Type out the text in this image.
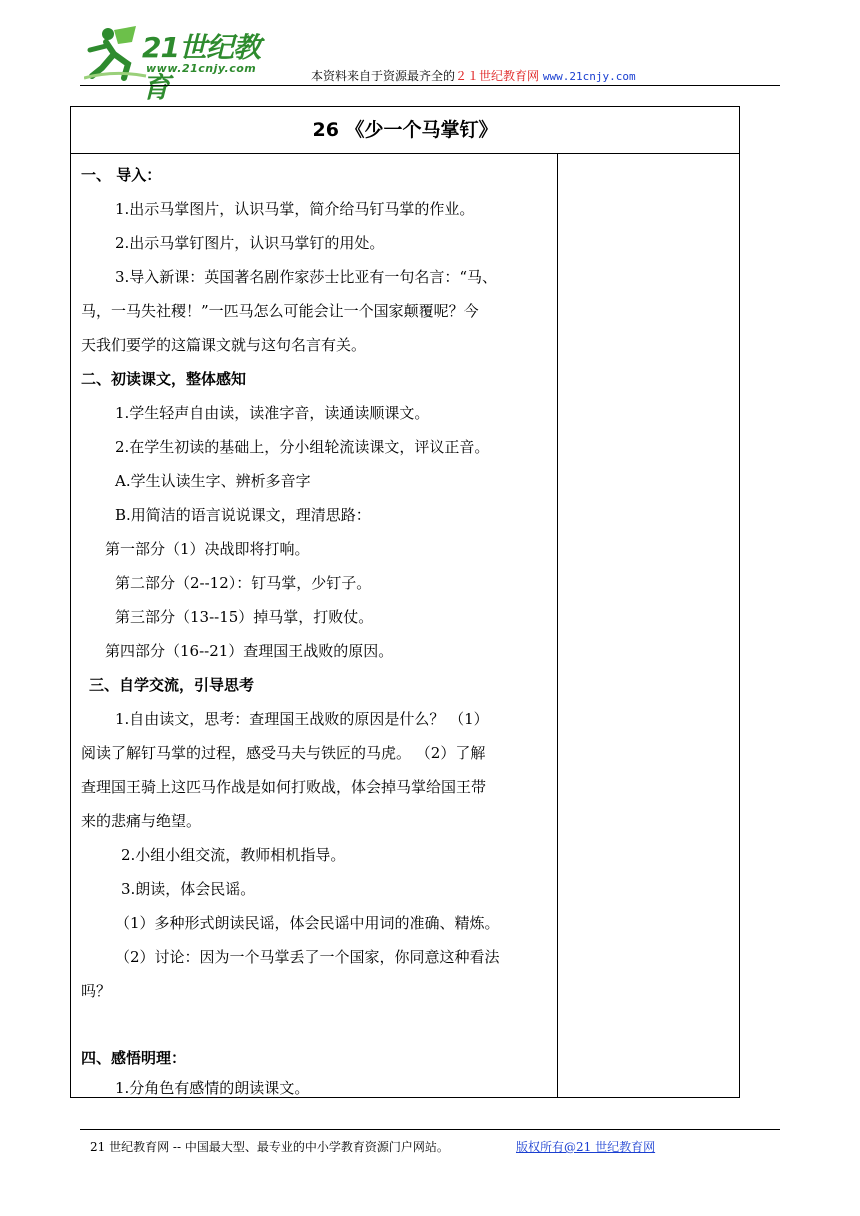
21世纪教育
www.21cnjy.com
本资料来自于资源最齐全的２１世纪教育网 www.21cnjy.com
26 《少一个马掌钉》
一、 导入：
1.出示马掌图片，认识马掌，简介给马钉马掌的作业。
2.出示马掌钉图片，认识马掌钉的用处。
3.导入新课：英国著名剧作家莎士比亚有一句名言：“马、
马，一马失社稷！”一匹马怎么可能会让一个国家颠覆呢？今
天我们要学的这篇课文就与这句名言有关。
二、初读课文，整体感知
1.学生轻声自由读，读准字音，读通读顺课文。
2.在学生初读的基础上，分小组轮流读课文，评议正音。
A.学生认读生字、辨析多音字
B.用简洁的语言说说课文，理清思路：
第一部分（1）决战即将打响。
第二部分（2--12）：钉马掌，少钉子。
第三部分（13--15）掉马掌，打败仗。
第四部分（16--21）查理国王战败的原因。
三、自学交流，引导思考
1.自由读文，思考：查理国王战败的原因是什么？ （1）
阅读了解钉马掌的过程，感受马夫与铁匠的马虎。 （2）了解
查理国王骑上这匹马作战是如何打败战，体会掉马掌给国王带
来的悲痛与绝望。
2.小组小组交流，教师相机指导。
3.朗读，体会民谣。
（1）多种形式朗读民谣，体会民谣中用词的准确、精炼。
（2）讨论：因为一个马掌丢了一个国家，你同意这种看法
吗？
四、感悟明理：
1.分角色有感情的朗读课文。
21 世纪教育网 -- 中国最大型、最专业的中小学教育资源门户网站。	版权所有@21 世纪教育网
